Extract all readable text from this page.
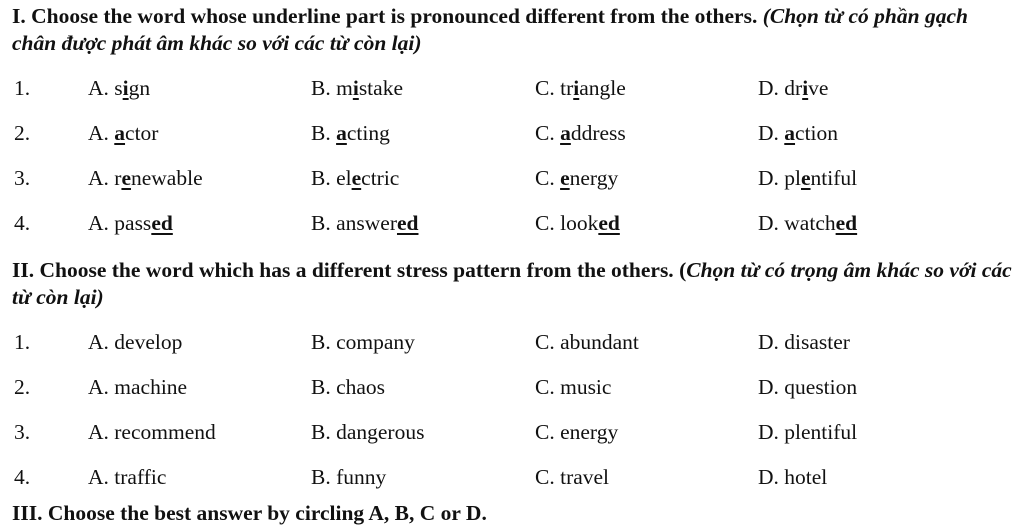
I. Choose the word whose underline part is pronounced different from the others. (Chọn từ có phần gạch chân được phát âm khác so với các từ còn lại)

1.	A. sign	B. mistake	C. triangle	D. drive
2.	A. actor	B. acting	C. address	D. action
3.	A. renewable	B. electric	C. energy	D. plentiful
4.	A. passed	B. answered	C. looked	D. watched

II. Choose the word which has a different stress pattern from the others. (Chọn từ có trọng âm khác so với các từ còn lại)

1.	A. develop	B. company	C. abundant	D. disaster
2.	A. machine	B. chaos	C. music	D. question
3.	A. recommend	B. dangerous	C. energy	D. plentiful
4.	A. traffic	B. funny	C. travel	D. hotel

III. Choose the best answer by circling A, B, C or D.
